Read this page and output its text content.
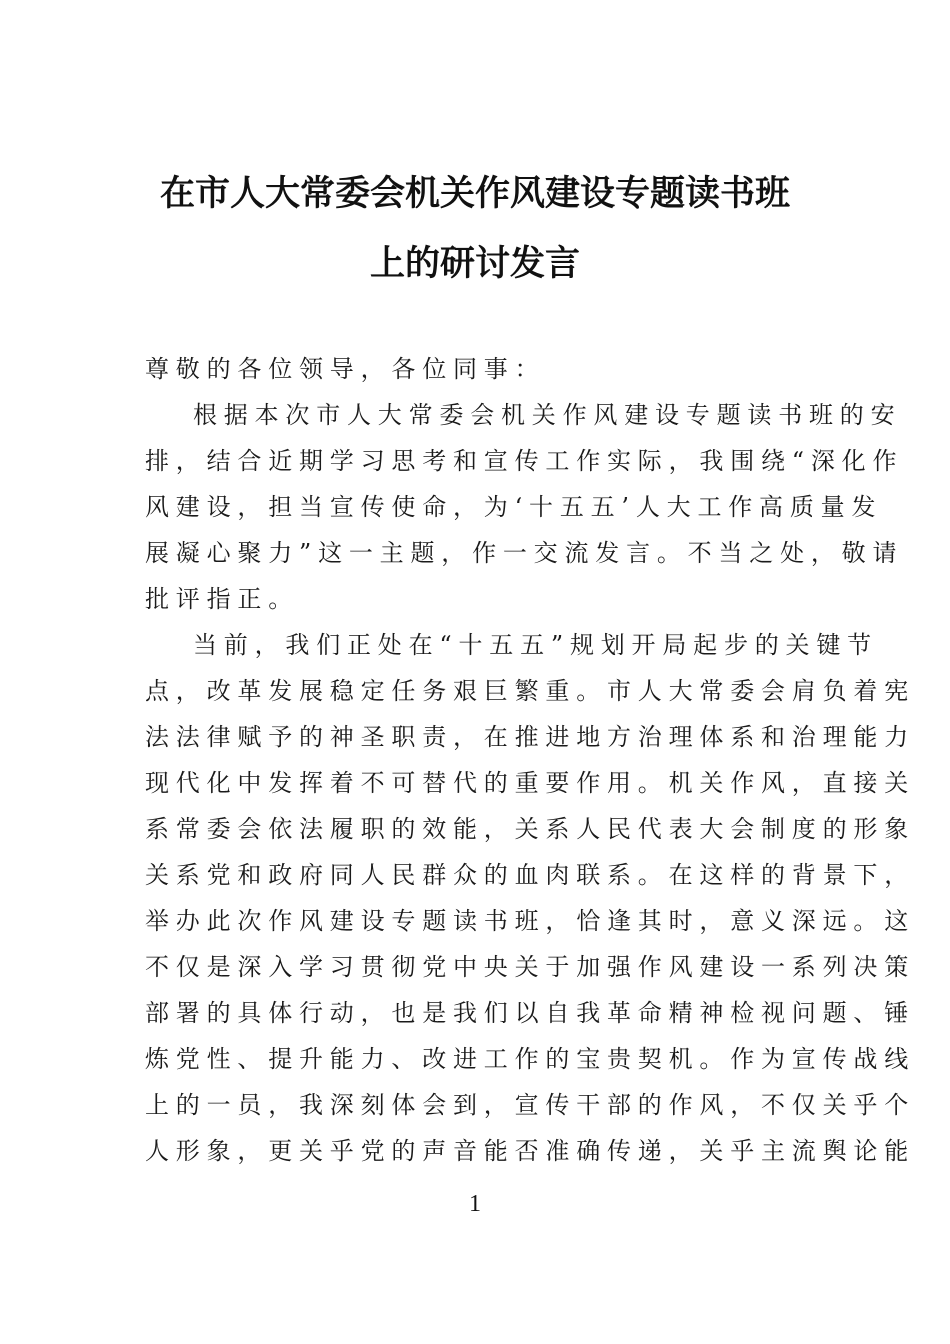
在市人大常委会机关作风建设专题读书班
上的研讨发言
尊敬的各位领导，各位同事：
根据本次市人大常委会机关作风建设专题读书班的安
排，结合近期学习思考和宣传工作实际，我围绕“深化作
风建设，担当宣传使命，为‘十五五’人大工作高质量发
展凝心聚力”这一主题，作一交流发言。不当之处，敬请
批评指正。
当前，我们正处在“十五五”规划开局起步的关键节
点，改革发展稳定任务艰巨繁重。市人大常委会肩负着宪
法法律赋予的神圣职责，在推进地方治理体系和治理能力
现代化中发挥着不可替代的重要作用。机关作风，直接关
系常委会依法履职的效能，关系人民代表大会制度的形象
关系党和政府同人民群众的血肉联系。在这样的背景下，
举办此次作风建设专题读书班，恰逢其时，意义深远。这
不仅是深入学习贯彻党中央关于加强作风建设一系列决策
部署的具体行动，也是我们以自我革命精神检视问题、锤
炼党性、提升能力、改进工作的宝贵契机。作为宣传战线
上的一员，我深刻体会到，宣传干部的作风，不仅关乎个
人形象，更关乎党的声音能否准确传递，关乎主流舆论能
1
